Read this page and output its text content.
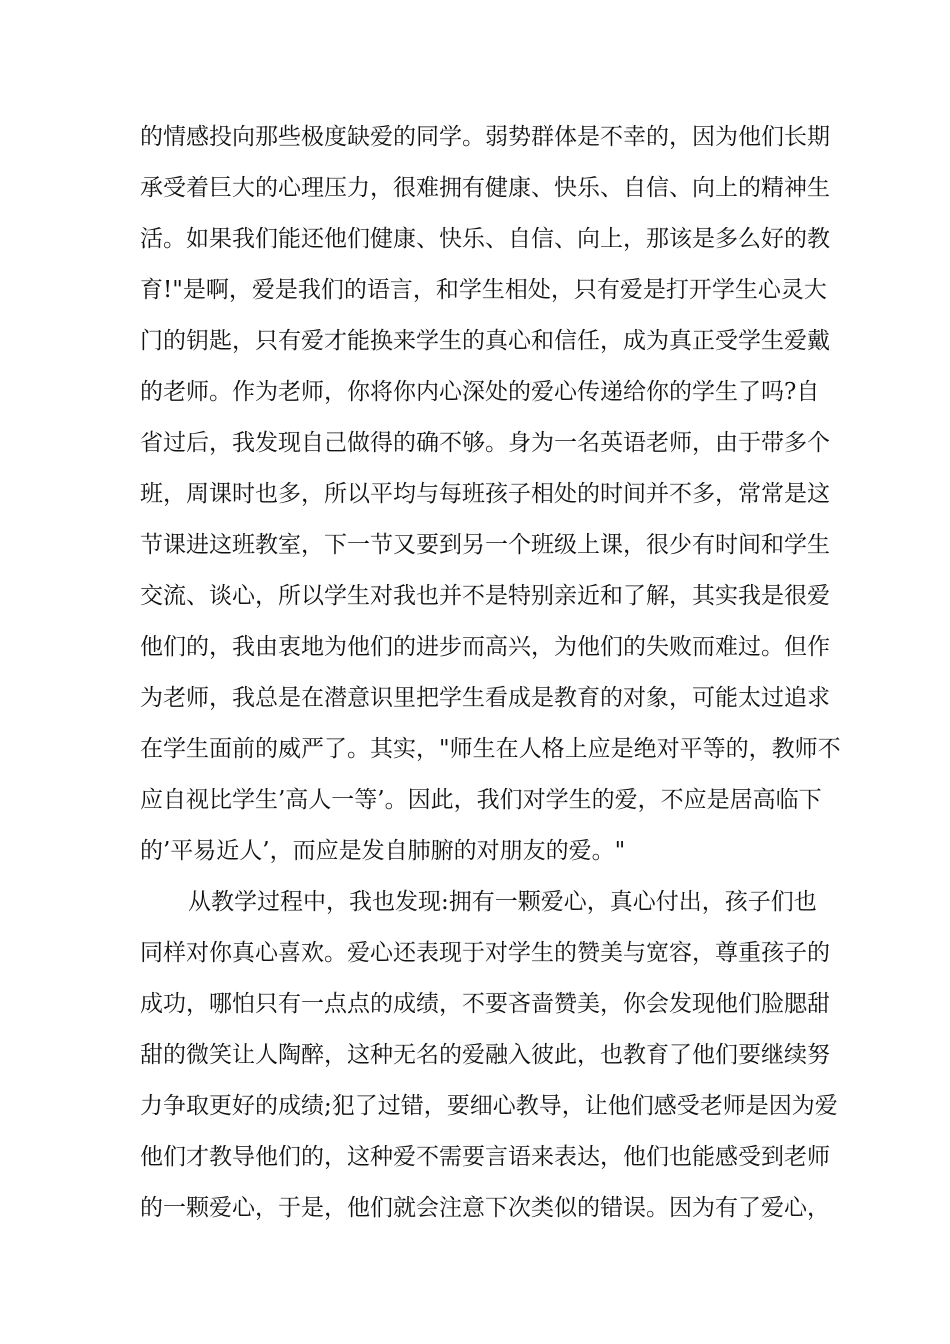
的情感投向那些极度缺爱的同学。弱势群体是不幸的，因为他们长期

承受着巨大的心理压力，很难拥有健康、快乐、自信、向上的精神生

活。如果我们能还他们健康、快乐、自信、向上，那该是多么好的教

育!"是啊，爱是我们的语言，和学生相处，只有爱是打开学生心灵大

门的钥匙，只有爱才能换来学生的真心和信任，成为真正受学生爱戴

的老师。作为老师，你将你内心深处的爱心传递给你的学生了吗?自

省过后，我发现自己做得的确不够。身为一名英语老师，由于带多个

班，周课时也多，所以平均与每班孩子相处的时间并不多，常常是这

节课进这班教室，下一节又要到另一个班级上课，很少有时间和学生

交流、谈心，所以学生对我也并不是特别亲近和了解，其实我是很爱

他们的，我由衷地为他们的进步而高兴，为他们的失败而难过。但作

为老师，我总是在潜意识里把学生看成是教育的对象，可能太过追求

在学生面前的威严了。其实，"师生在人格上应是绝对平等的，教师不

应自视比学生’高人一等’。因此，我们对学生的爱，不应是居高临下

的’平易近人’，而应是发自肺腑的对朋友的爱。"

从教学过程中，我也发现:拥有一颗爱心，真心付出，孩子们也

同样对你真心喜欢。爱心还表现于对学生的赞美与宽容，尊重孩子的

成功，哪怕只有一点点的成绩，不要吝啬赞美，你会发现他们脸腮甜

甜的微笑让人陶醉，这种无名的爱融入彼此，也教育了他们要继续努

力争取更好的成绩;犯了过错，要细心教导，让他们感受老师是因为爱

他们才教导他们的，这种爱不需要言语来表达，他们也能感受到老师

的一颗爱心，于是，他们就会注意下次类似的错误。因为有了爱心，
